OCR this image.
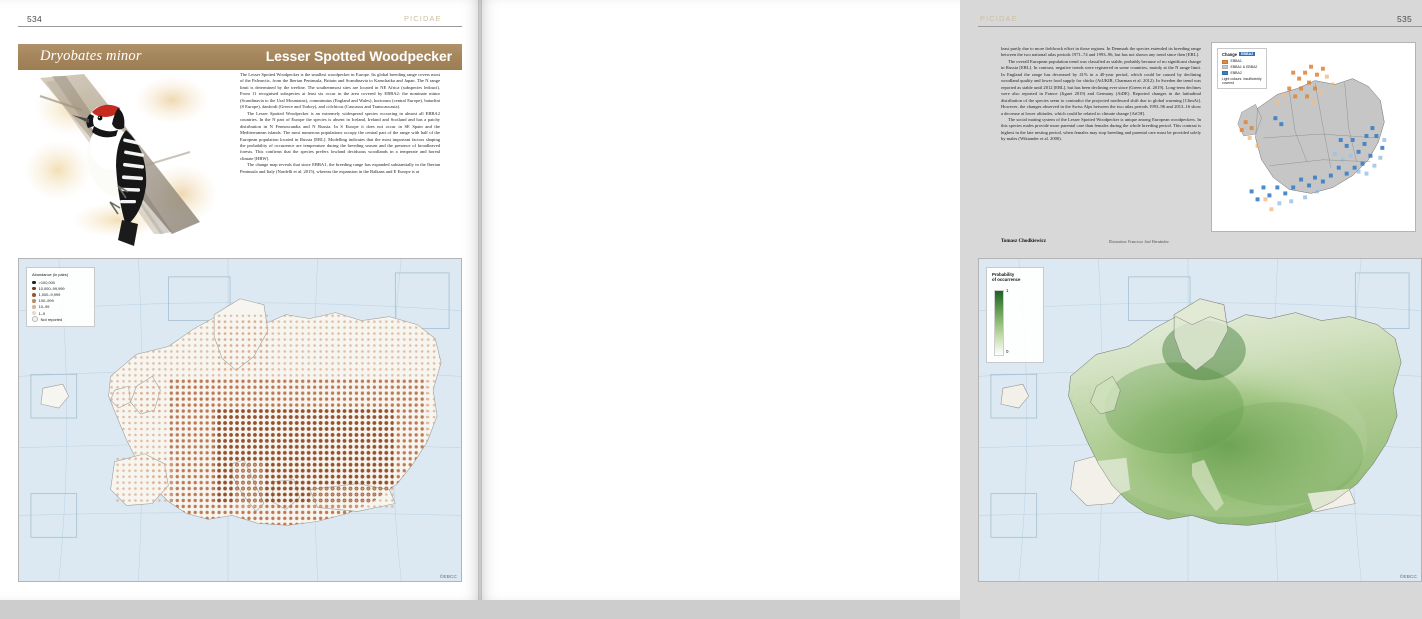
534	PICIDAE
Dryobates minor	Lesser Spotted Woodpecker

The Lesser Spotted Woodpecker is the smallest woodpecker in Europe. Its global breeding range covers most of the Palearctic, from the Iberian Peninsula, Britain and Scandinavia to Kamchatka and Japan. The N range limit is determined by the treeline. The southernmost sites are located in NE Africa (subspecies ledouci). From 11 recognised subspecies at least six occur in the area covered by EBBA2: the nominate minor (Scandinavia to the Ural Mountains), comminutus (England and Wales), hortorum (central Europe), buturlini (S Europe), danfordi (Greece and Turkey), and colchicus (Caucasus and Transcaucasia).

The Lesser Spotted Woodpecker is an extremely widespread species occurring in almost all EBBA2 countries. In the N part of Europe the species is absent in Iceland, Ireland and Scotland and has a patchy distribution in N Fennoscandia and N Russia. In S Europe it does not occur in SE Spain and the Mediterranean islands. The most numerous populations occupy the central part of the range with half of the European population located in Russia [ERL]. Modelling indicates that the most important factors shaping the probability of occurrence are temperature during the breeding season and the presence of broadleaved forests. This confirms that the species prefers lowland deciduous woodlands in a temperate and boreal climate [HBW].

The change map reveals that since EBBA1, the breeding range has expanded substantially in the Iberian Peninsula and Italy (Nardelli et al. 2015), whereas the expansion in the Balkans and E Europe is at

Abundance (in pairs)
>100,000
10,000–99,999
1,000–9,999
100–999
10–99
1–9
Not reported
©EBCC
PICIDAE	535

least partly due to more fieldwork effort in those regions. In Denmark the species extended its breeding range between the two national atlas periods 1971–74 and 1993–96, but has not shown any trend since then [ERL].

The overall European population trend was classified as stable, probably because of no significant change in Russia [ERL]. In contrast, negative trends were registered in some countries, mainly at the N range limit. In England the range has decreased by 41% in a 40-year period, which could be caused by declining woodland quality and lower food supply for chicks (AtUKIR, Charman et al. 2012). In Sweden the trend was reported as stable until 2012 [ERL], but has been declining ever since (Green et al. 2019). Long-term declines were also reported in France (Jiguet 2019) and Germany (AtDE). Reported changes in the latitudinal distribution of the species seem to contradict the projected northward shift due to global warming [ClimAt]. However, the changes observed in the Swiss Alps between the two atlas periods 1993–96 and 2013–16 show a decrease at lower altitudes, which could be related to climate change [AtCH].

The social mating system of the Lesser Spotted Woodpecker is unique among European woodpeckers. In this species males provide more parental care than females during the whole breeding period. This contrast is highest in the late nesting period, when females may stop breeding and parental care must be provided solely by males (Wiktander et al. 2000).

Tomasz Chodkiewicz	Illustration: Francisco José Hernández
Change EBBA2
EBBA1
EBBA1 & EBBA2
EBBA2
Light colours: insufficiently covered
Probability
of occurrence
1
0
©EBCC
